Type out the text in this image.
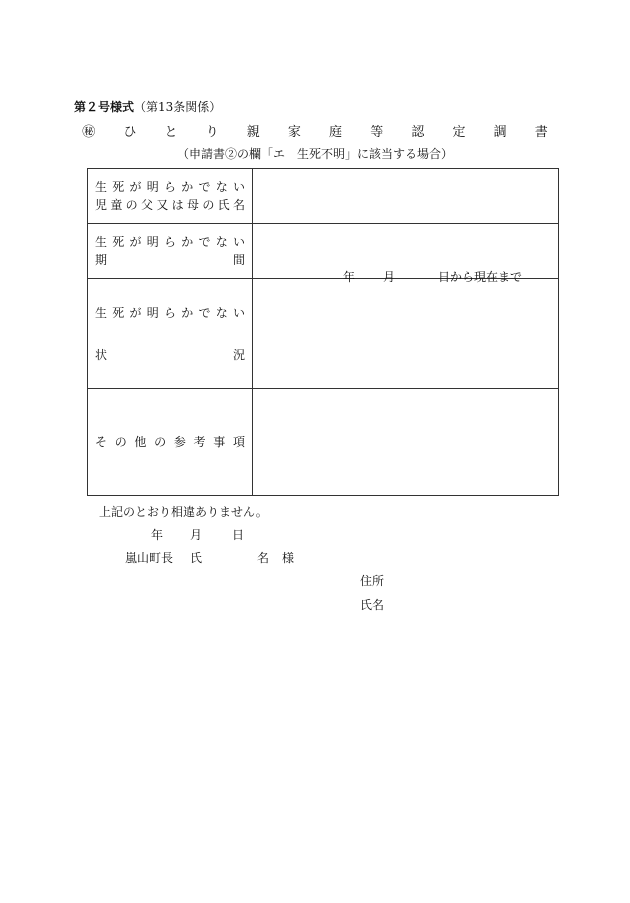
第２号様式（第13条関係）
㊙ ひ と り 親 家 庭 等 認 定 調 書
（申請書②の欄「エ　生死不明」に該当する場合）
生死が明らかでない
児童の父又は母の氏名	

生死が明らかでない
期　　　　　　　間	年 月 日から現在まで

生死が明らかでない
状　　　　　　　況	

その他の参考事項	

上記のとおり相違ありません。
年 月 日
嵐山町長 氏	名 様
住所
氏名
